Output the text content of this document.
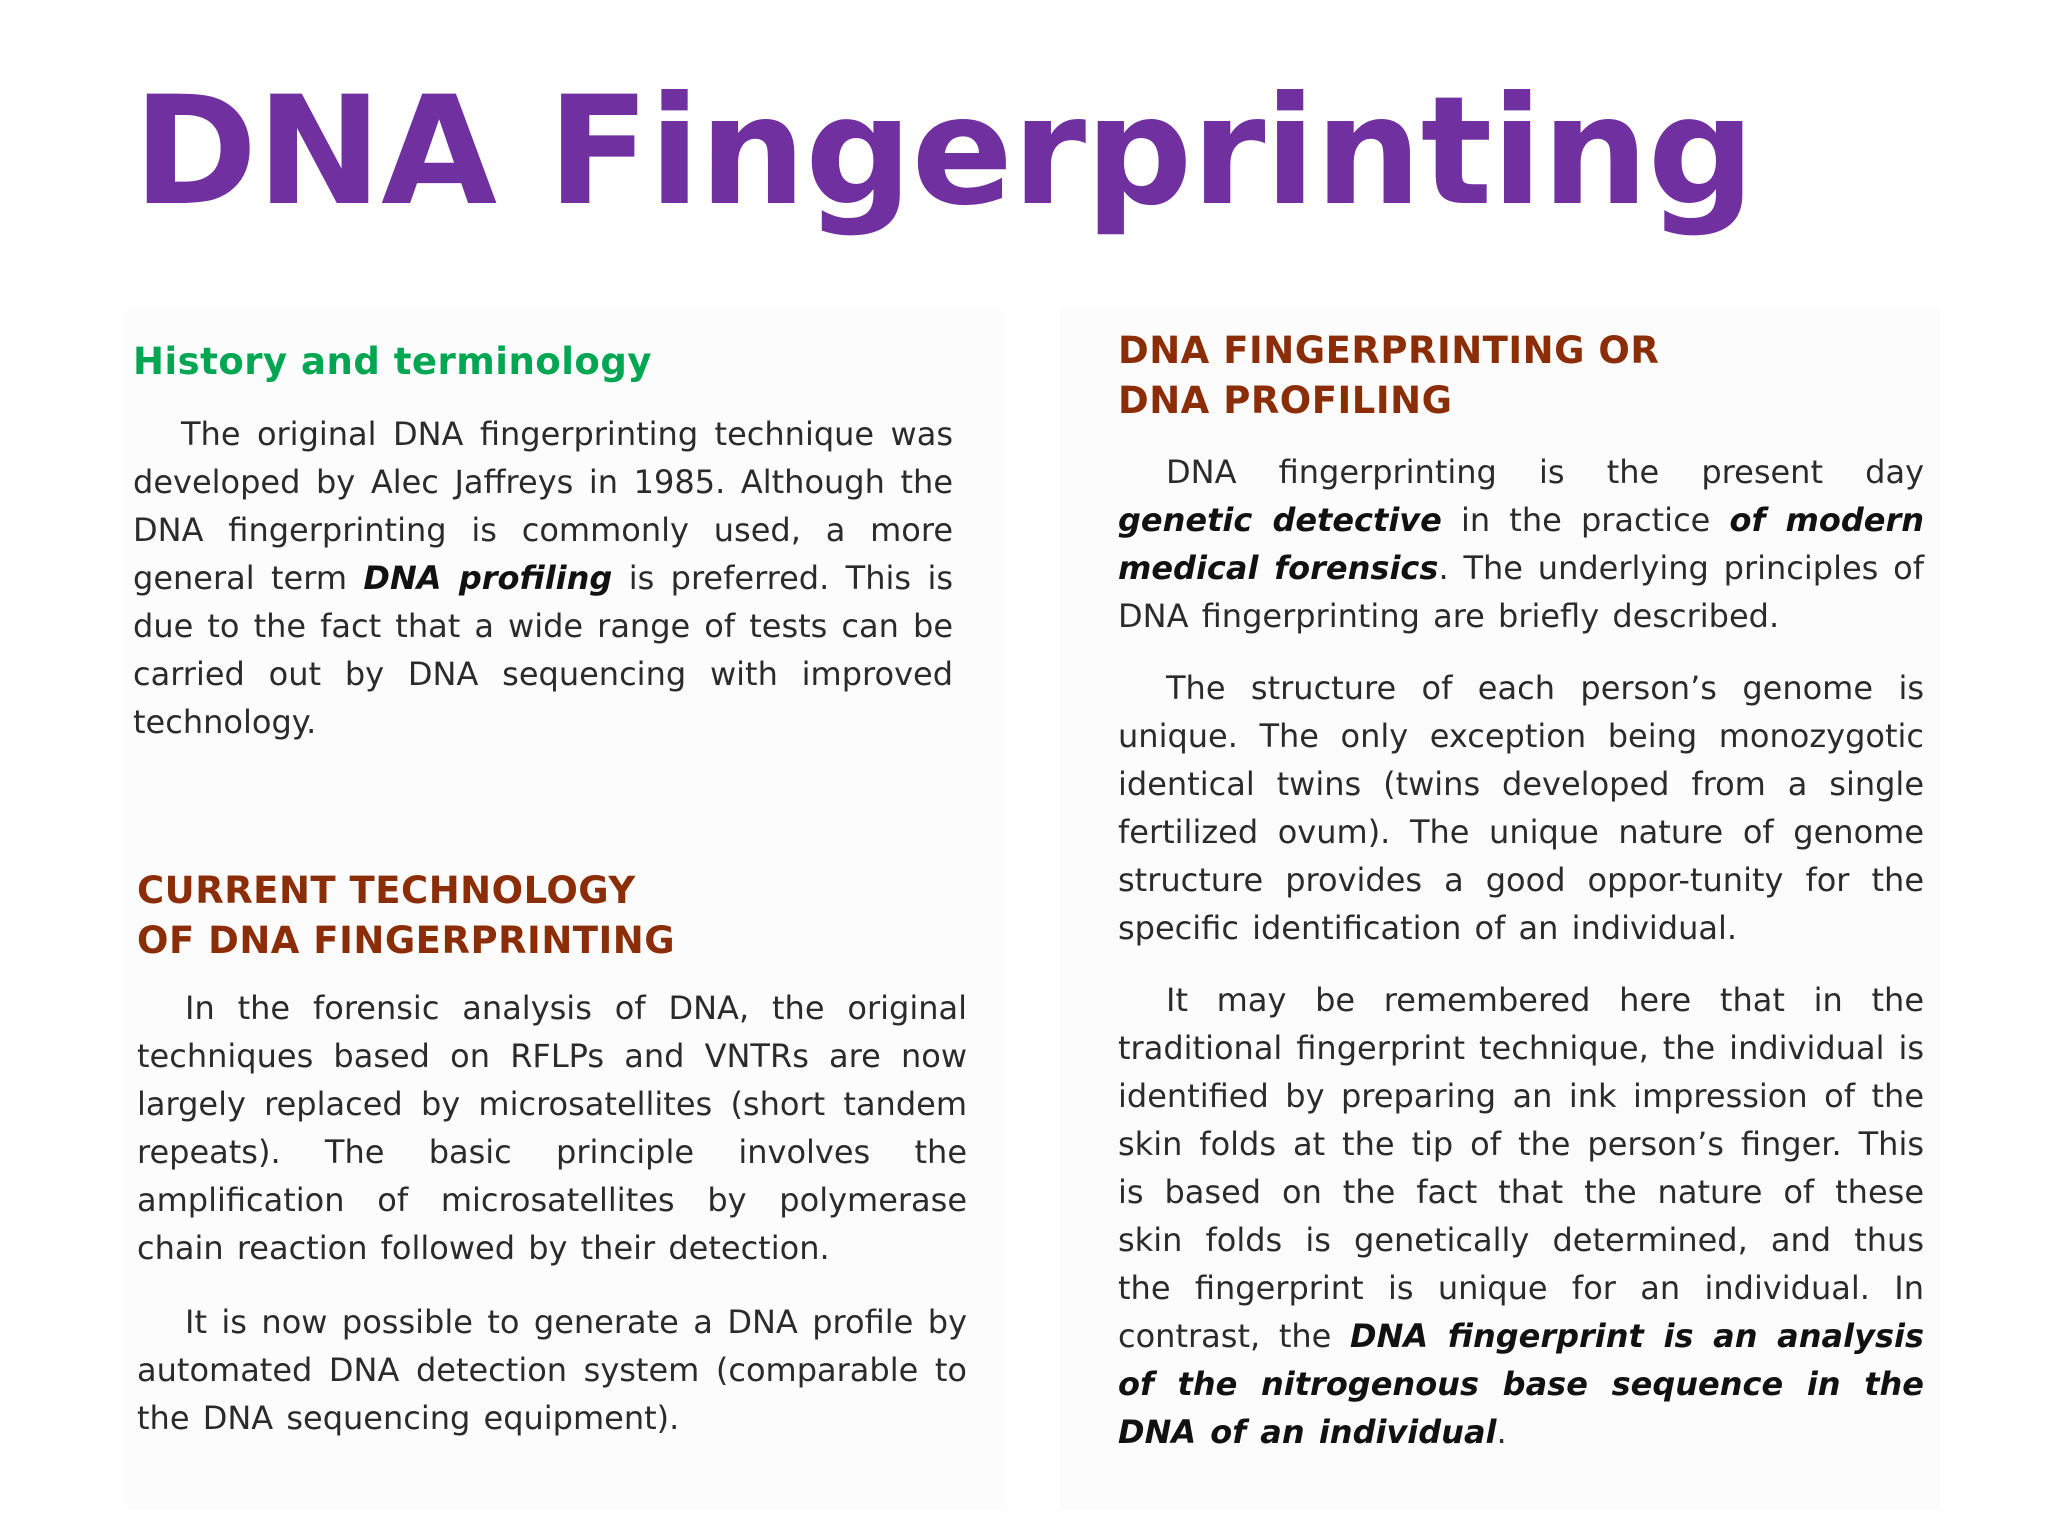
DNA Fingerprinting
History and terminology

The original DNA fingerprinting technique was developed by Alec Jaffreys in 1985. Although the DNA fingerprinting is commonly used, a more general term DNA profiling is preferred. This is due to the fact that a wide range of tests can be carried out by DNA sequencing with improved technology.

CURRENT TECHNOLOGY
OF DNA FINGERPRINTING

In the forensic analysis of DNA, the original techniques based on RFLPs and VNTRs are now largely replaced by microsatellites (short tandem repeats). The basic principle involves the amplification of microsatellites by polymerase chain reaction followed by their detection.

It is now possible to generate a DNA profile by automated DNA detection system (comparable to the DNA sequencing equipment).

DNA FINGERPRINTING OR
DNA PROFILING

DNA fingerprinting is the present day genetic detective in the practice of modern medical forensics. The underlying principles of DNA fingerprinting are briefly described.

The structure of each person’s genome is unique. The only exception being monozygotic identical twins (twins developed from a single fertilized ovum). The unique nature of genome structure provides a good oppor-tunity for the specific identification of an individual.

It may be remembered here that in the traditional fingerprint technique, the individual is identified by preparing an ink impression of the skin folds at the tip of the person’s finger. This is based on the fact that the nature of these skin folds is genetically determined, and thus the fingerprint is unique for an individual. In contrast, the DNA fingerprint is an analysis of the nitrogenous base sequence in the DNA of an individual.
